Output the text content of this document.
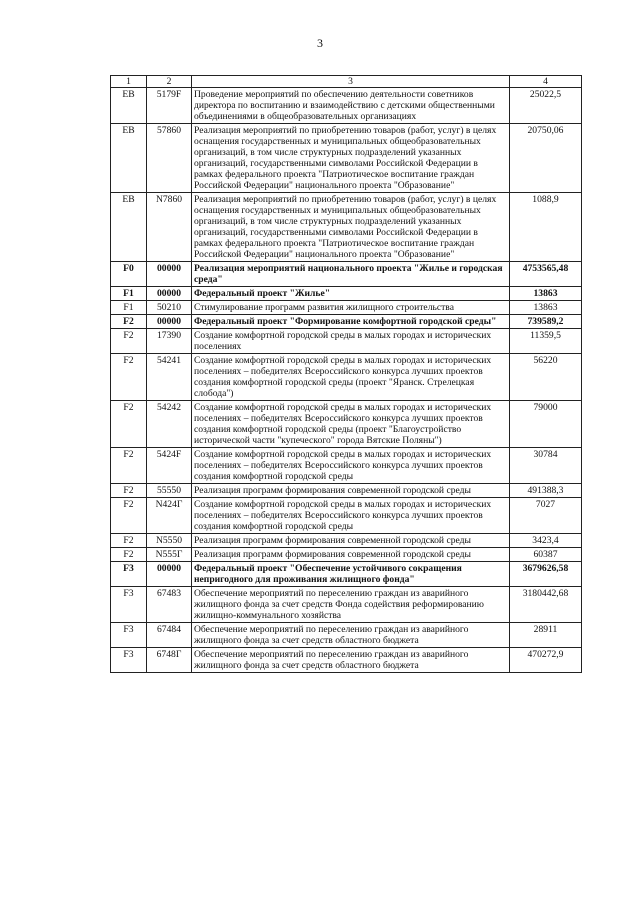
3
1	2	3	4
ЕВ	5179F	Проведение мероприятий по обеспечению деятельности советников директора по воспитанию и взаимодействию с детскими общественными объединениями в общеобразовательных организациях	25022,5
ЕВ	57860	Реализация мероприятий по приобретению товаров (работ, услуг) в целях оснащения государственных и муниципальных общеобразовательных организаций, в том числе структурных подразделений указанных организаций, государственными символами Российской Федерации в рамках федерального проекта "Патриотическое воспитание граждан Российской Федерации" национального проекта "Образование"	20750,06
ЕВ	N7860	Реализация мероприятий по приобретению товаров (работ, услуг) в целях оснащения государственных и муниципальных общеобразовательных организаций, в том числе структурных подразделений указанных организаций, государственными символами Российской Федерации в рамках федерального проекта "Патриотическое воспитание граждан Российской Федерации" национального проекта "Образование"	1088,9
F0	00000	Реализация мероприятий национального проекта "Жилье и городская среда"	4753565,48
F1	00000	Федеральный проект "Жилье"	13863
F1	50210	Стимулирование программ развития жилищного строительства	13863
F2	00000	Федеральный проект "Формирование комфортной городской среды"	739589,2
F2	17390	Создание комфортной городской среды в малых городах и исторических поселениях	11359,5
F2	54241	Создание комфортной городской среды в малых городах и исторических поселениях – победителях Всероссийского конкурса лучших проектов создания комфортной городской среды (проект "Яранск. Стрелецкая слобода")	56220
F2	54242	Создание комфортной городской среды в малых городах и исторических поселениях – победителях Всероссийского конкурса лучших проектов создания комфортной городской среды (проект "Благоустройство исторической части "купеческого" города Вятские Поляны")	79000
F2	5424F	Создание комфортной городской среды в малых городах и исторических поселениях – победителях Всероссийского конкурса лучших проектов создания комфортной городской среды	30784
F2	55550	Реализация программ формирования современной городской среды	491388,3
F2	N424Г	Создание комфортной городской среды в малых городах и исторических поселениях – победителях Всероссийского конкурса лучших проектов создания комфортной городской среды	7027
F2	N5550	Реализация программ формирования современной городской среды	3423,4
F2	N555Г	Реализация программ формирования современной городской среды	60387
F3	00000	Федеральный проект "Обеспечение устойчивого сокращения непригодного для проживания жилищного фонда"	3679626,58
F3	67483	Обеспечение мероприятий по переселению граждан из аварийного жилищного фонда за счет средств Фонда содействия реформированию жилищно-коммунального хозяйства	3180442,68
F3	67484	Обеспечение мероприятий по переселению граждан из аварийного жилищного фонда за счет средств областного бюджета	28911
F3	6748Г	Обеспечение мероприятий по переселению граждан из аварийного жилищного фонда за счет средств областного бюджета	470272,9
